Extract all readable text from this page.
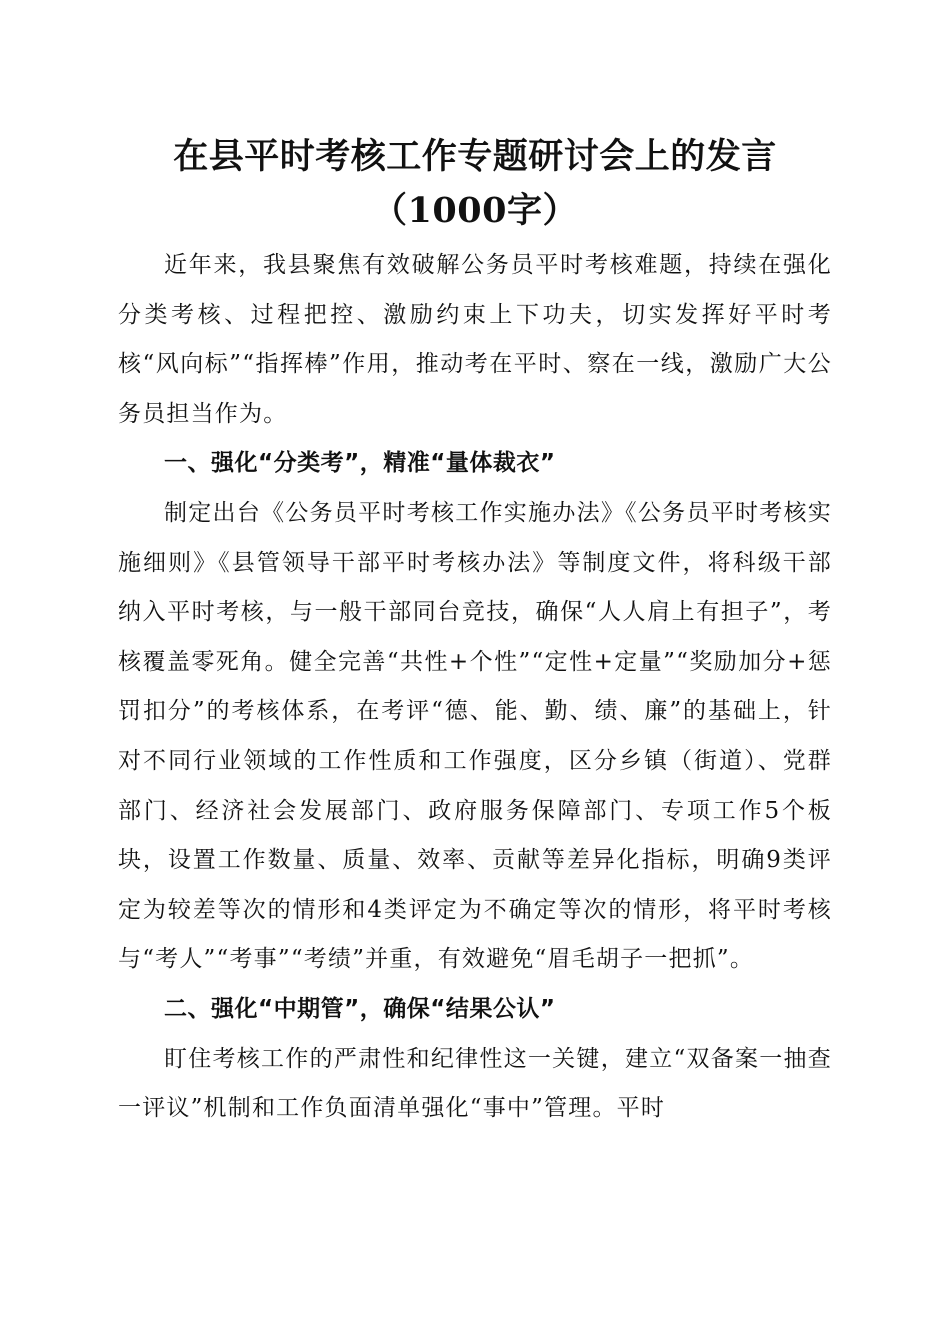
在县平时考核工作专题研讨会上的发言（1000字）

近年来，我县聚焦有效破解公务员平时考核难题，持续在强化分类考核、过程把控、激励约束上下功夫，切实发挥好平时考核“风向标”“指挥棒”作用，推动考在平时、察在一线，激励广大公务员担当作为。

一、强化“分类考”，精准“量体裁衣”

制定出台《公务员平时考核工作实施办法》《公务员平时考核实施细则》《县管领导干部平时考核办法》等制度文件，将科级干部纳入平时考核，与一般干部同台竞技，确保“人人肩上有担子”，考核覆盖零死角。健全完善“共性+个性”“定性+定量”“奖励加分+惩罚扣分”的考核体系，在考评“德、能、勤、绩、廉”的基础上，针对不同行业领域的工作性质和工作强度，区分乡镇（街道）、党群部门、经济社会发展部门、政府服务保障部门、专项工作5个板块，设置工作数量、质量、效率、贡献等差异化指标，明确9类评定为较差等次的情形和4类评定为不确定等次的情形，将平时考核与“考人”“考事”“考绩”并重，有效避免“眉毛胡子一把抓”。

二、强化“中期管”，确保“结果公认”

盯住考核工作的严肃性和纪律性这一关键，建立“双备案一抽查一评议”机制和工作负面清单强化“事中”管理。平时
